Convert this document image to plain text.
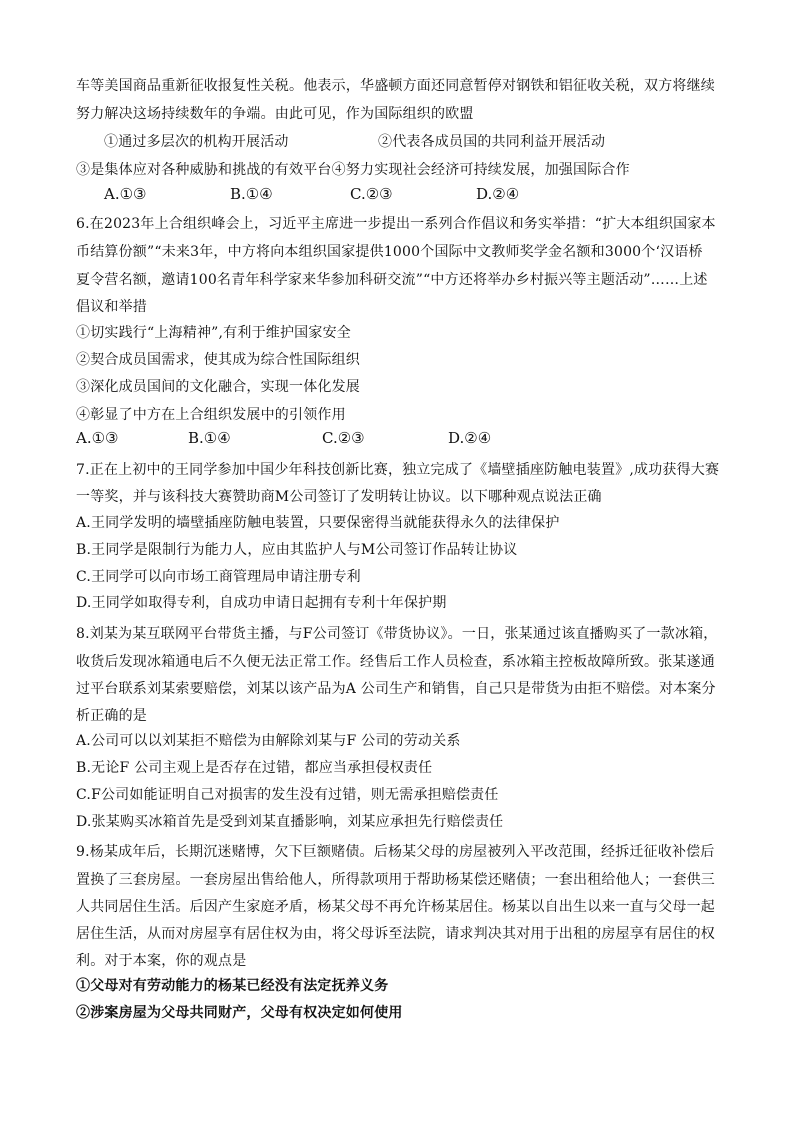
车等美国商品重新征收报复性关税。他表示，华盛顿方面还同意暂停对钢铁和铝征收关税，双方将继续
努力解决这场持续数年的争端。由此可见，作为国际组织的欧盟
①通过多层次的机构开展活动	②代表各成员国的共同利益开展活动
③是集体应对各种威胁和挑战的有效平台④努力实现社会经济可持续发展，加强国际合作
A.①③	B.①④	C.②③	D.②④
6.在2023年上合组织峰会上，习近平主席进一步提出一系列合作倡议和务实举措：“扩大本组织国家本
币结算份额”“未来3年，中方将向本组织国家提供1000个国际中文教师奖学金名额和3000个‘汉语桥
夏令营名额，邀请100名青年科学家来华参加科研交流”“中方还将举办乡村振兴等主题活动”……上述
倡议和举措
①切实践行“上海精神”,有利于维护国家安全
②契合成员国需求，使其成为综合性国际组织
③深化成员国间的文化融合，实现一体化发展
④彰显了中方在上合组织发展中的引领作用
A.①③	B.①④	C.②③	D.②④
7.正在上初中的王同学参加中国少年科技创新比赛，独立完成了《墙壁插座防触电装置》,成功获得大赛
一等奖，并与该科技大赛赞助商M公司签订了发明转让协议。以下哪种观点说法正确
A.王同学发明的墙壁插座防触电装置，只要保密得当就能获得永久的法律保护
B.王同学是限制行为能力人，应由其监护人与M公司签订作品转让协议
C.王同学可以向市场工商管理局申请注册专利
D.王同学如取得专利，自成功申请日起拥有专利十年保护期
8.刘某为某互联网平台带货主播，与F公司签订《带货协议》。一日，张某通过该直播购买了一款冰箱，
收货后发现冰箱通电后不久便无法正常工作。经售后工作人员检查，系冰箱主控板故障所致。张某遂通
过平台联系刘某索要赔偿，刘某以该产品为A 公司生产和销售，自己只是带货为由拒不赔偿。对本案分
析正确的是
A.公司可以以刘某拒不赔偿为由解除刘某与F 公司的劳动关系
B.无论F 公司主观上是否存在过错，都应当承担侵权责任
C.F公司如能证明自己对损害的发生没有过错，则无需承担赔偿责任
D.张某购买冰箱首先是受到刘某直播影响，刘某应承担先行赔偿责任
9.杨某成年后，长期沉迷赌博，欠下巨额赌债。后杨某父母的房屋被列入平改范围，经拆迁征收补偿后
置换了三套房屋。一套房屋出售给他人，所得款项用于帮助杨某偿还赌债；一套出租给他人；一套供三
人共同居住生活。后因产生家庭矛盾，杨某父母不再允许杨某居住。杨某以自出生以来一直与父母一起
居住生活，从而对房屋享有居住权为由，将父母诉至法院，请求判决其对用于出租的房屋享有居住的权
利。对于本案，你的观点是
①父母对有劳动能力的杨某已经没有法定抚养义务
②涉案房屋为父母共同财产，父母有权决定如何使用
